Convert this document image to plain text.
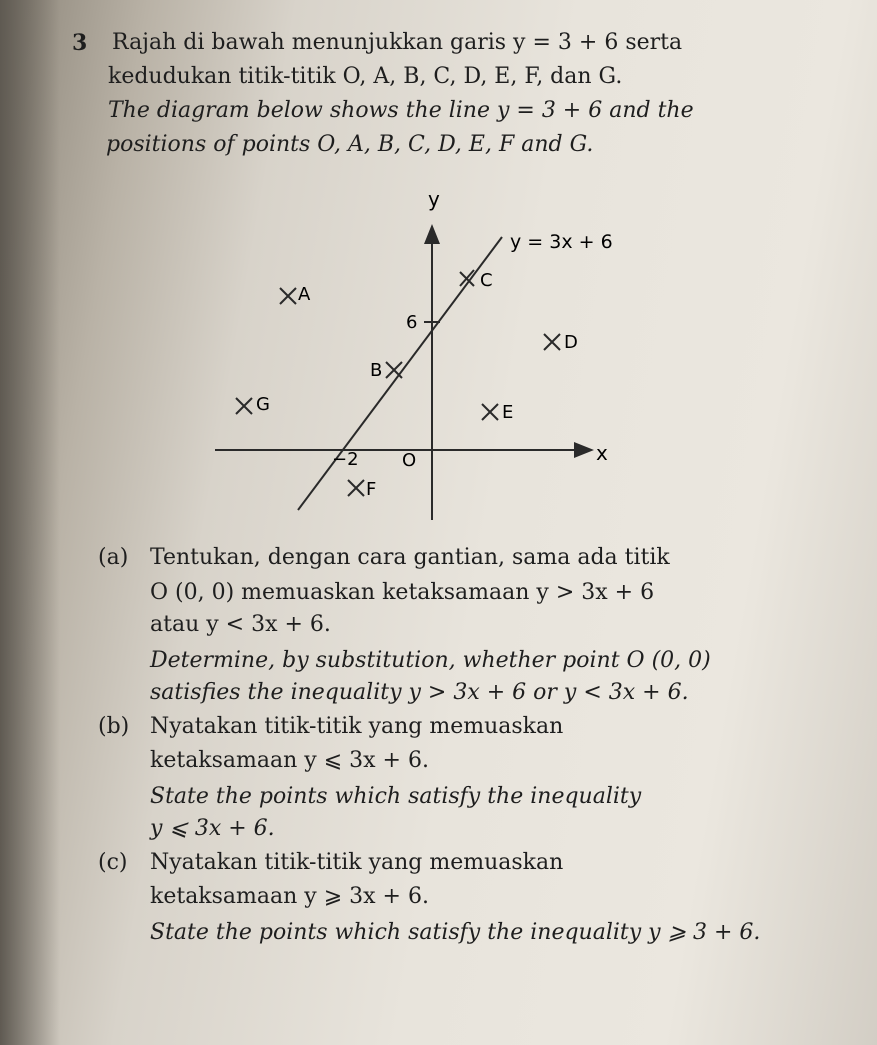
3 Rajah di bawah menunjukkan garis y = 3 + 6 serta
kedudukan titik-titik O, A, B, C, D, E, F, dan G.
The diagram below shows the line y = 3 + 6 and the
positions of points O, A, B, C, D, E, F and G.
y
x
y = 3x + 6
6
−2 O
C
A
D
B
G	E
F
(a) Tentukan, dengan cara gantian, sama ada titik
O (0, 0) memuaskan ketaksamaan y > 3x + 6
atau y < 3x + 6.
Determine, by substitution, whether point O (0, 0)
satisfies the inequality y > 3x + 6 or y < 3x + 6.
(b) Nyatakan titik-titik yang memuaskan
ketaksamaan y ⩽ 3x + 6.
State the points which satisfy the inequality
y ⩽ 3x + 6.
(c) Nyatakan titik-titik yang memuaskan
ketaksamaan y ⩾ 3x + 6.
State the points which satisfy the inequality y ⩾ 3 + 6.
